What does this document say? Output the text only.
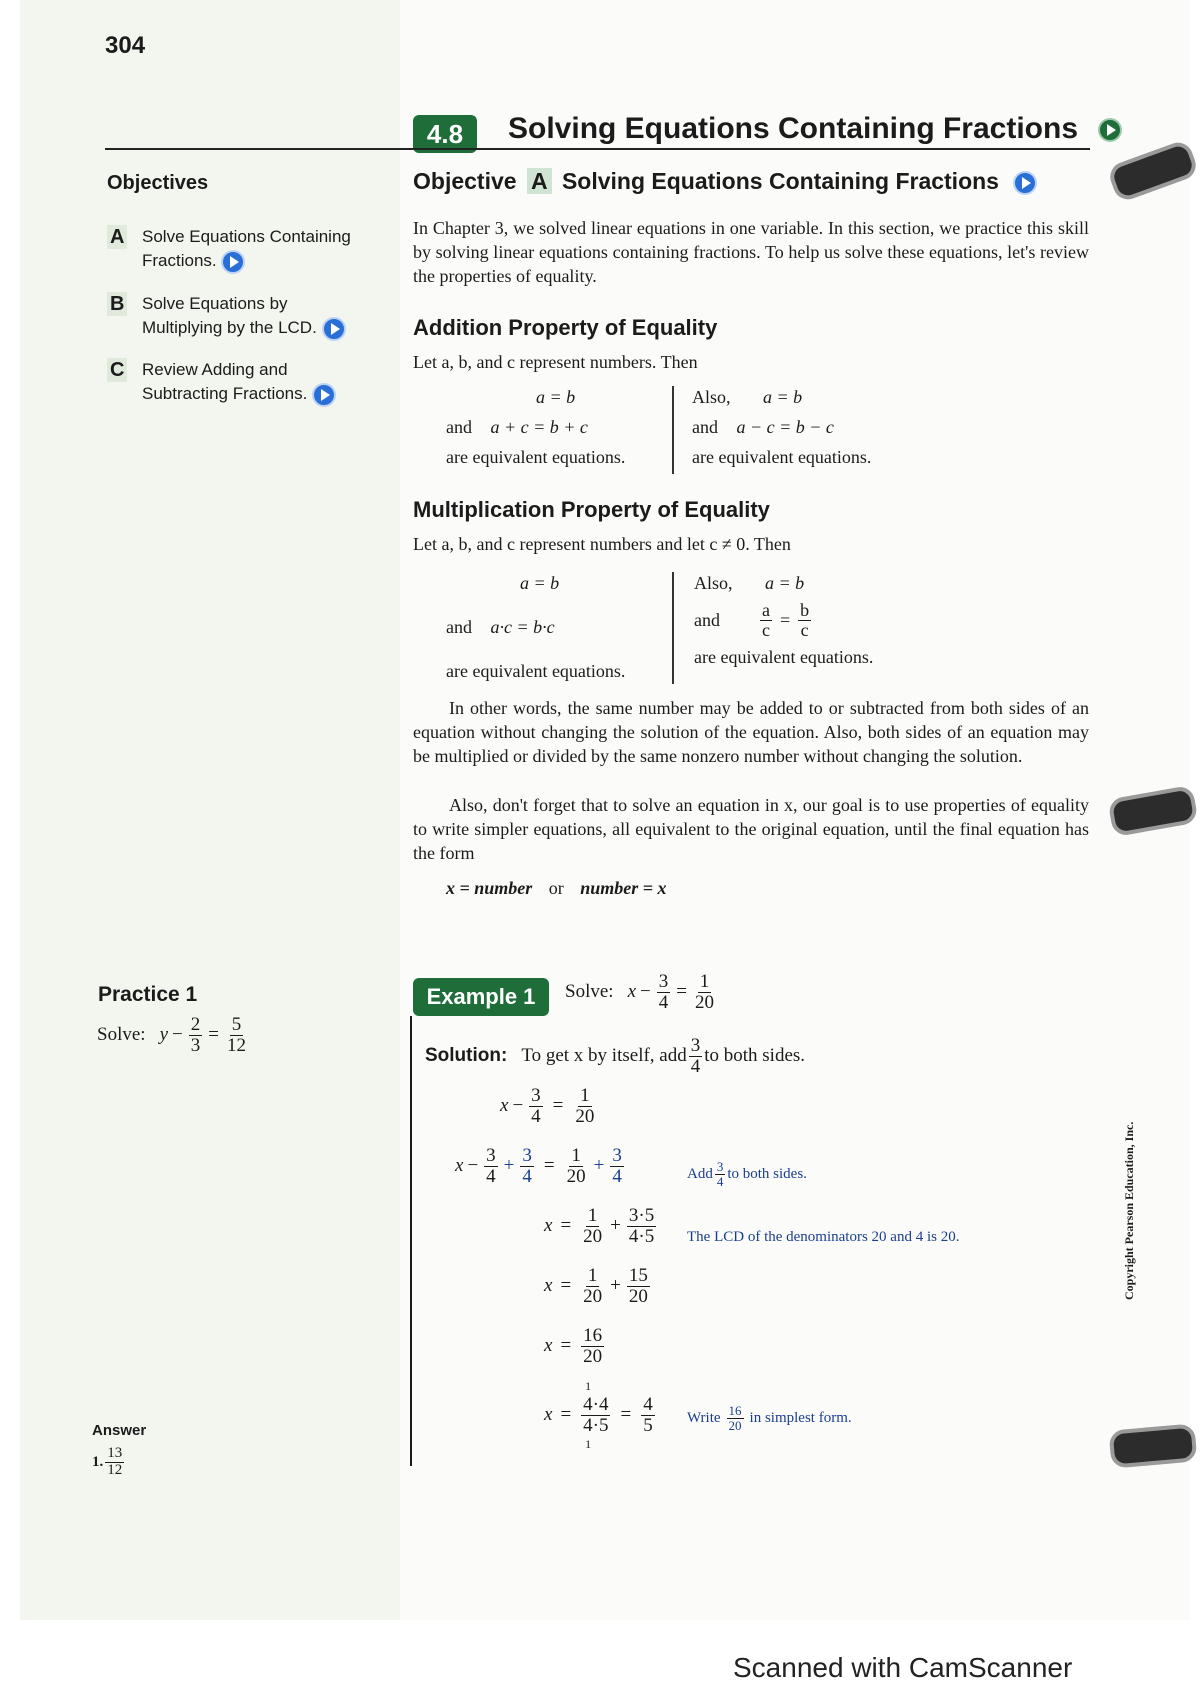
304
4.8	Solving Equations Containing Fractions
Objectives
A Solve Equations Containing Fractions.
B Solve Equations by Multiplying by the LCD.
C Review Adding and Subtracting Fractions.
Objective A Solving Equations Containing Fractions
In Chapter 3, we solved linear equations in one variable. In this section, we practice this skill by solving linear equations containing fractions. To help us solve these equations, let's review the properties of equality.
Addition Property of Equality
Let a, b, and c represent numbers. Then
a = b
and a + c = b + c
are equivalent equations.
Also, a = b
and a − c = b − c
are equivalent equations.
Multiplication Property of Equality
Let a, b, and c represent numbers and let c ≠ 0. Then
a = b
and a·c = b·c
are equivalent equations.
Also, a = b
and $\frac{a}{c} = \frac{b}{c}$
are equivalent equations.
In other words, the same number may be added to or subtracted from both sides of an equation without changing the solution of the equation. Also, both sides of an equation may be multiplied or divided by the same nonzero number without changing the solution.
Also, don't forget that to solve an equation in x, our goal is to use properties of equality to write simpler equations, all equivalent to the original equation, until the final equation has the form
x = number or number = x
Practice 1
Solve: $y - \frac{2}{3} = \frac{5}{12}$
Example 1	Solve: $x - \frac{3}{4} = \frac{1}{20}$
Solution: To get x by itself, add $\frac{3}{4}$ to both sides.
$x - \frac{3}{4} = \frac{1}{20}$
$x - \frac{3}{4} + \frac{3}{4} = \frac{1}{20} + \frac{3}{4}$	Add $\frac{3}{4}$ to both sides.
$x = \frac{1}{20} + \frac{3\cdot 5}{4\cdot 5}$ The LCD of the denominators 20 and 4 is 20.
$x = \frac{1}{20} + \frac{15}{20}$
$x = \frac{16}{20}$
x =
1
$\frac{4\cdot 4}{4\cdot 5}$
1
= $\frac{4}{5}$ Write $\frac{16}{20}$ in simplest form.
Answer
1. $\frac{13}{12}$
Copyright Pearson Education, Inc.
Scanned with CamScanner
